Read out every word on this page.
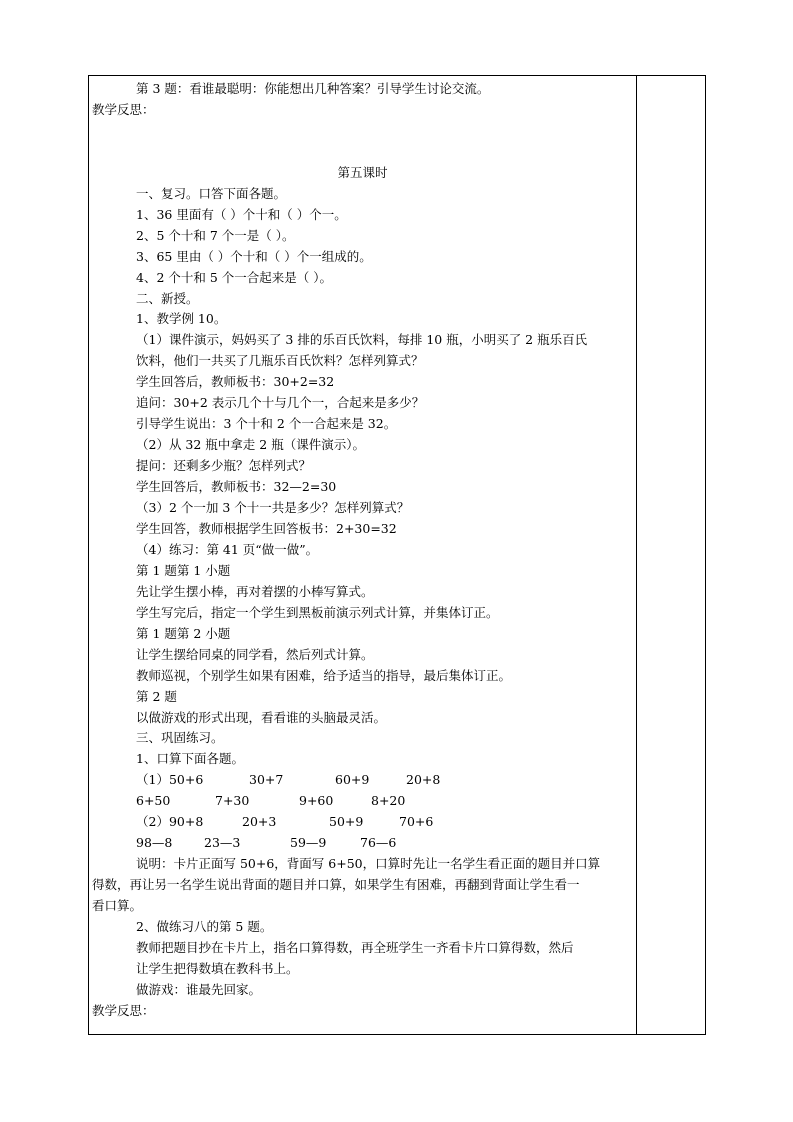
第 3 题：看谁最聪明：你能想出几种答案？引导学生讨论交流。
教学反思：
第五课时
一、复习。口答下面各题。
1、36 里面有（ ）个十和（ ）个一。
2、5 个十和 7 个一是（ ）。
3、65 里由（ ）个十和（ ）个一组成的。
4、2 个十和 5 个一合起来是（ ）。
二、新授。
1、教学例 10。
（1）课件演示，妈妈买了 3 排的乐百氏饮料，每排 10 瓶，小明买了 2 瓶乐百氏
饮料，他们一共买了几瓶乐百氏饮料？怎样列算式？
学生回答后，教师板书：30+2=32
追问：30+2 表示几个十与几个一，合起来是多少？
引导学生说出：3 个十和 2 个一合起来是 32。
（2）从 32 瓶中拿走 2 瓶（课件演示）。
提问：还剩多少瓶？怎样列式？
学生回答后，教师板书：32—2=30
（3）2 个一加 3 个十一共是多少？怎样列算式？
学生回答，教师根据学生回答板书：2+30=32
（4）练习：第 41 页“做一做”。
第 1 题第 1 小题
先让学生摆小棒，再对着摆的小棒写算式。
学生写完后，指定一个学生到黑板前演示列式计算，并集体订正。
第 1 题第 2 小题
让学生摆给同桌的同学看，然后列式计算。
教师巡视，个别学生如果有困难，给予适当的指导，最后集体订正。
第 2 题
以做游戏的形式出现，看看谁的头脑最灵活。
三、巩固练习。
1、口算下面各题。
（1）50+6	30+7	60+9	20+8
6+50	7+30	9+60	8+20
（2）90+8	20+3	50+9	70+6
98—8	23—3	59—9	76—6
说明：卡片正面写 50+6，背面写 6+50，口算时先让一名学生看正面的题目并口算
得数，再让另一名学生说出背面的题目并口算，如果学生有困难，再翻到背面让学生看一
看口算。
2、做练习八的第 5 题。
教师把题目抄在卡片上，指名口算得数，再全班学生一齐看卡片口算得数，然后
让学生把得数填在教科书上。
做游戏：谁最先回家。
教学反思：
